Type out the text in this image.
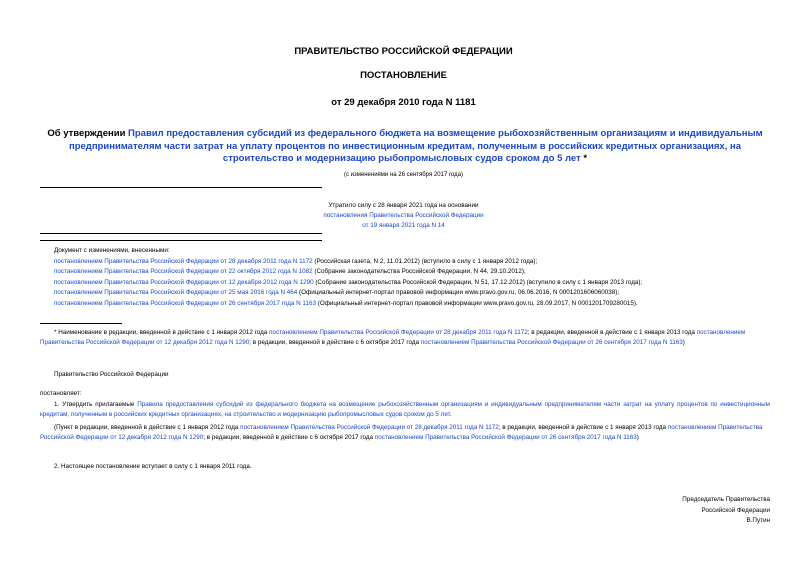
ПРАВИТЕЛЬСТВО РОССИЙСКОЙ ФЕДЕРАЦИИ
ПОСТАНОВЛЕНИЕ
от 29 декабря 2010 года N 1181
Об утверждении Правил предоставления субсидий из федерального бюджета на возмещение рыбохозяйственным организациям и индивидуальным предпринимателям части затрат на уплату процентов по инвестиционным кредитам, полученным в российских кредитных организациях, на строительство и модернизацию рыбопромысловых судов сроком до 5 лет *
(с изменениями на 26 сентября 2017 года)
Утратило силу с 28 января 2021 года на основании
постановления Правительства Российской Федерации
от 19 января 2021 года N 14
Документ с изменениями, внесенными:
постановлением Правительства Российской Федерации от 28 декабря 2011 года N 1172 (Российская газета, N 2, 11.01.2012) (вступило в силу с 1 января 2012 года);
постановлением Правительства Российской Федерации от 22 октября 2012 года N 1082 (Собрание законодательства Российской Федерации, N 44, 29.10.2012);
постановлением Правительства Российской Федерации от 12 декабря 2012 года N 1290 (Собрание законодательства Российской Федерации, N 51, 17.12.2012) (вступило в силу с 1 января 2013 года);
постановлением Правительства Российской Федерации от 25 мая 2016 года N 464 (Официальный интернет-портал правовой информации www.pravo.gov.ru, 06.06.2016, N 0001201606060038);
постановлением Правительства Российской Федерации от 26 сентября 2017 года N 1163 (Официальный интернет-портал правовой информации www.pravo.gov.ru, 28.09.2017, N 0001201709280015).
* Наименование в редакции, введенной в действие с 1 января 2012 года постановлением Правительства Российской Федерации от 28 декабря 2011 года N 1172; в редакции, введенной в действие с 1 января 2013 года постановлением Правительства Российской Федерации от 12 декабря 2012 года N 1290; в редакции, введенной в действие с 6 октября 2017 года постановлением Правительства Российской Федерации от 26 сентября 2017 года N 1163)
Правительство Российской Федерации
постановляет:
1. Утвердить прилагаемые Правила предоставления субсидий из федерального бюджета на возмещение рыбохозяйственным организациям и индивидуальным предпринимателям части затрат на уплату процентов по инвестиционным кредитам, полученным в российских кредитных организациях, на строительство и модернизацию рыбопромысловых судов сроком до 5 лет.
(Пункт в редакции, введенной в действие с 1 января 2012 года постановлением Правительства Российской Федерации от 28 декабря 2011 года N 1172; в редакции, введенной в действие с 1 января 2013 года постановлением Правительства Российской Федерации от 12 декабря 2012 года N 1290; в редакции, введенной в действие с 6 октября 2017 года постановлением Правительства Российской Федерации от 26 сентября 2017 года N 1163)
2. Настоящее постановление вступает в силу с 1 января 2011 года.
Председатель Правительства
Российской Федерации
В.Путин
